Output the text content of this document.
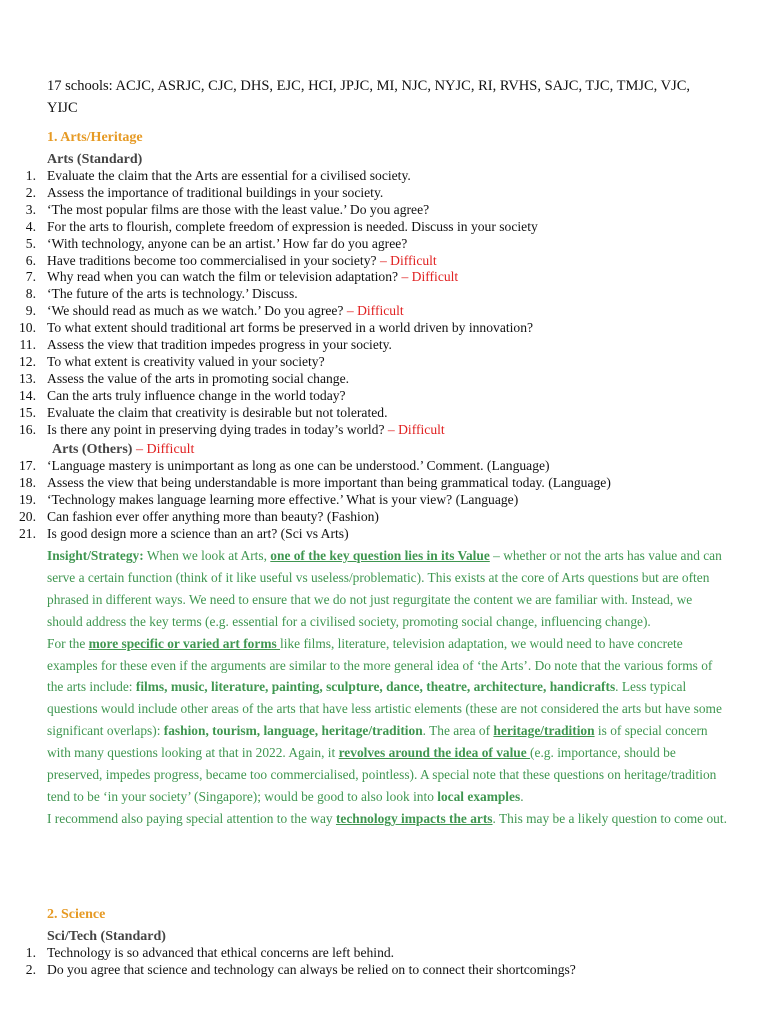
17 schools: ACJC, ASRJC, CJC, DHS, EJC, HCI, JPJC, MI, NJC, NYJC, RI, RVHS, SAJC, TJC, TMJC, VJC, YIJC
1. Arts/Heritage
Arts (Standard)
1. Evaluate the claim that the Arts are essential for a civilised society.
2. Assess the importance of traditional buildings in your society.
3. ‘The most popular films are those with the least value.’ Do you agree?
4. For the arts to flourish, complete freedom of expression is needed. Discuss in your society
5. ‘With technology, anyone can be an artist.’ How far do you agree?
6. Have traditions become too commercialised in your society? – Difficult
7. Why read when you can watch the film or television adaptation? – Difficult
8. ‘The future of the arts is technology.’ Discuss.
9. ‘We should read as much as we watch.’ Do you agree? – Difficult
10. To what extent should traditional art forms be preserved in a world driven by innovation?
11. Assess the view that tradition impedes progress in your society.
12. To what extent is creativity valued in your society?
13. Assess the value of the arts in promoting social change.
14. Can the arts truly influence change in the world today?
15. Evaluate the claim that creativity is desirable but not tolerated.
16. Is there any point in preserving dying trades in today’s world? – Difficult
Arts (Others) – Difficult
17. ‘Language mastery is unimportant as long as one can be understood.’ Comment. (Language)
18. Assess the view that being understandable is more important than being grammatical today. (Language)
19. ‘Technology makes language learning more effective.’ What is your view? (Language)
20. Can fashion ever offer anything more than beauty? (Fashion)
21. Is good design more a science than an art? (Sci vs Arts)

Insight/Strategy: When we look at Arts, one of the key question lies in its Value – whether or not the arts has value and can serve a certain function (think of it like useful vs useless/problematic). This exists at the core of Arts questions but are often phrased in different ways. We need to ensure that we do not just regurgitate the content we are familiar with. Instead, we should address the key terms (e.g. essential for a civilised society, promoting social change, influencing change).

For the more specific or varied art forms like films, literature, television adaptation, we would need to have concrete examples for these even if the arguments are similar to the more general idea of ‘the Arts’. Do note that the various forms of the arts include: films, music, literature, painting, sculpture, dance, theatre, architecture, handicrafts. Less typical questions would include other areas of the arts that have less artistic elements (these are not considered the arts but have some significant overlaps): fashion, tourism, language, heritage/tradition. The area of heritage/tradition is of special concern with many questions looking at that in 2022. Again, it revolves around the idea of value (e.g. importance, should be preserved, impedes progress, became too commercialised, pointless). A special note that these questions on heritage/tradition tend to be ‘in your society’ (Singapore); would be good to also look into local examples.

I recommend also paying special attention to the way technology impacts the arts. This may be a likely question to come out.

2. Science
Sci/Tech (Standard)
1. Technology is so advanced that ethical concerns are left behind.
2. Do you agree that science and technology can always be relied on to connect their shortcomings?
